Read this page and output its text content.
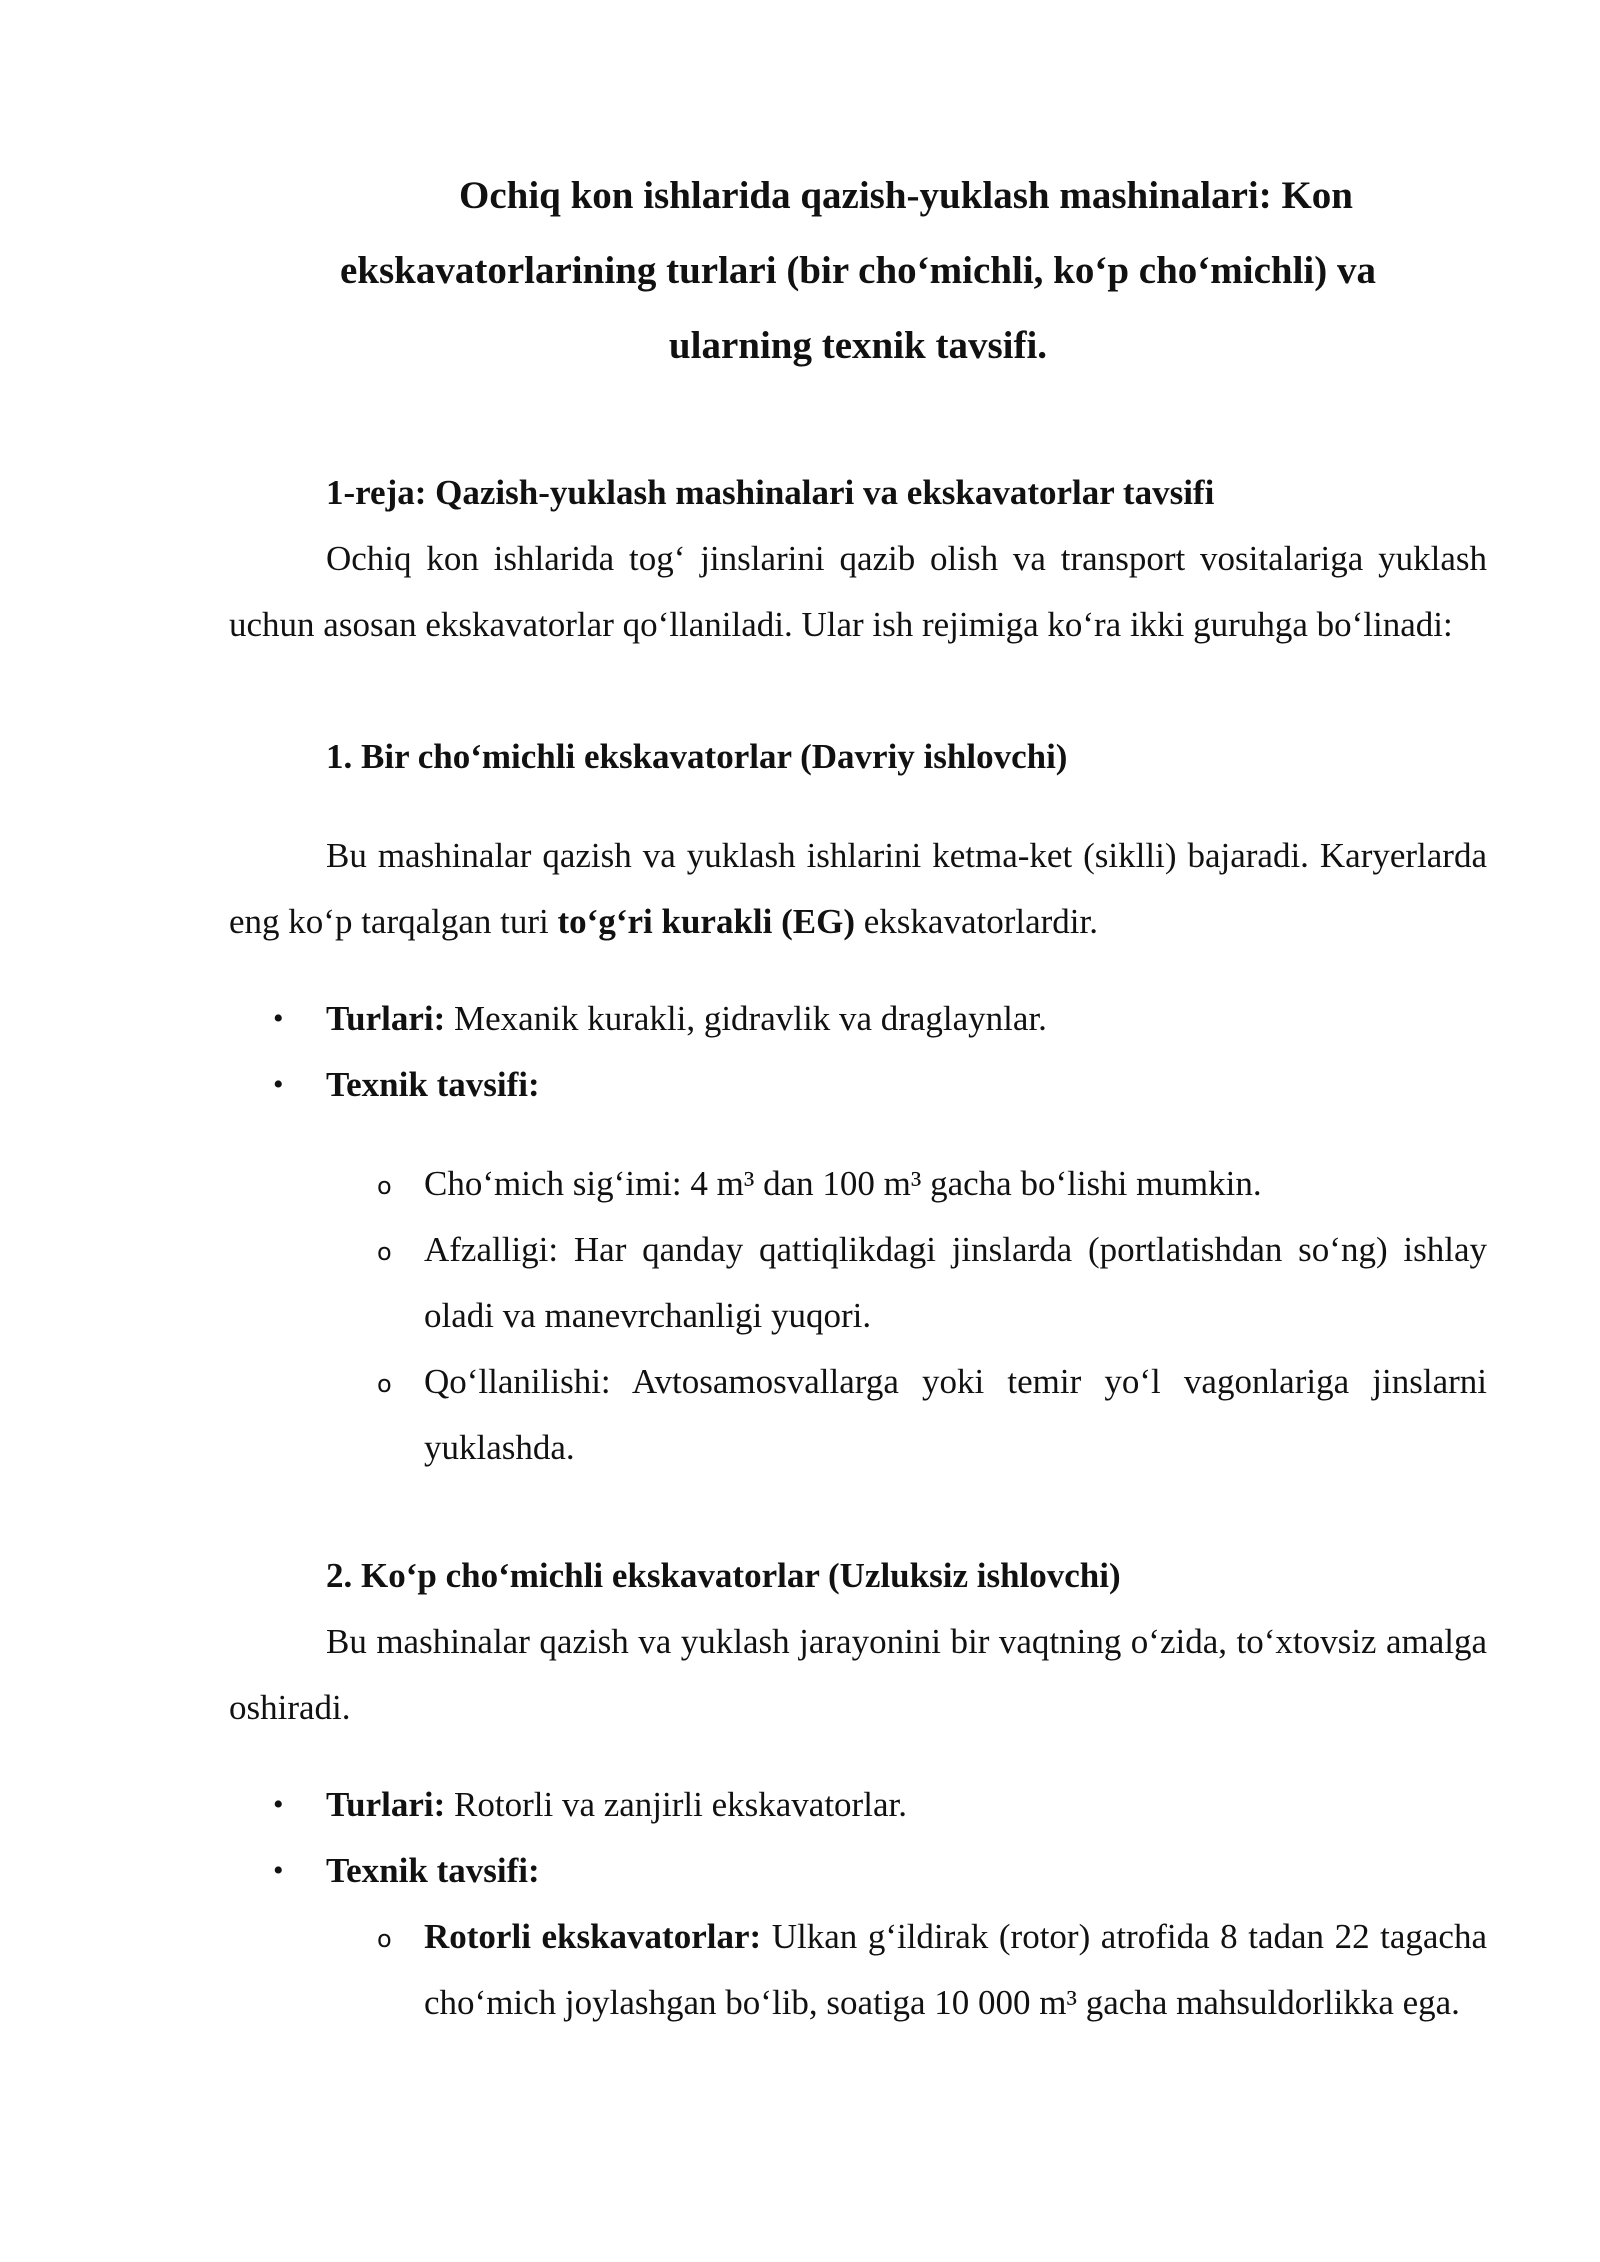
Ochiq kon ishlarida qazish-yuklash mashinalari: Kon
ekskavatorlarining turlari (bir cho‘michli, ko‘p cho‘michli) va
ularning texnik tavsifi.

1-reja: Qazish-yuklash mashinalari va ekskavatorlar tavsifi

Ochiq kon ishlarida tog‘ jinslarini qazib olish va transport vositalariga yuklash uchun asosan ekskavatorlar qo‘llaniladi. Ular ish rejimiga ko‘ra ikki guruhga bo‘linadi:

1. Bir cho‘michli ekskavatorlar (Davriy ishlovchi)

Bu mashinalar qazish va yuklash ishlarini ketma-ket (siklli) bajaradi. Karyerlarda eng ko‘p tarqalgan turi to‘g‘ri kurakli (EG) ekskavatorlardir.

• Turlari: Mexanik kurakli, gidravlik va draglaynlar.
• Texnik tavsifi:
o Cho‘mich sig‘imi: 4 m³ dan 100 m³ gacha bo‘lishi mumkin.
o Afzalligi: Har qanday qattiqlikdagi jinslarda (portlatishdan so‘ng) ishlay oladi va manevrchanligi yuqori.
o Qo‘llanilishi: Avtosamosvallarga yoki temir yo‘l vagonlariga jinslarni yuklashda.

2. Ko‘p cho‘michli ekskavatorlar (Uzluksiz ishlovchi)

Bu mashinalar qazish va yuklash jarayonini bir vaqtning o‘zida, to‘xtovsiz amalga oshiradi.

• Turlari: Rotorli va zanjirli ekskavatorlar.
• Texnik tavsifi:
o Rotorli ekskavatorlar: Ulkan g‘ildirak (rotor) atrofida 8 tadan 22 tagacha cho‘mich joylashgan bo‘lib, soatiga 10 000 m³ gacha mahsuldorlikka ega.
